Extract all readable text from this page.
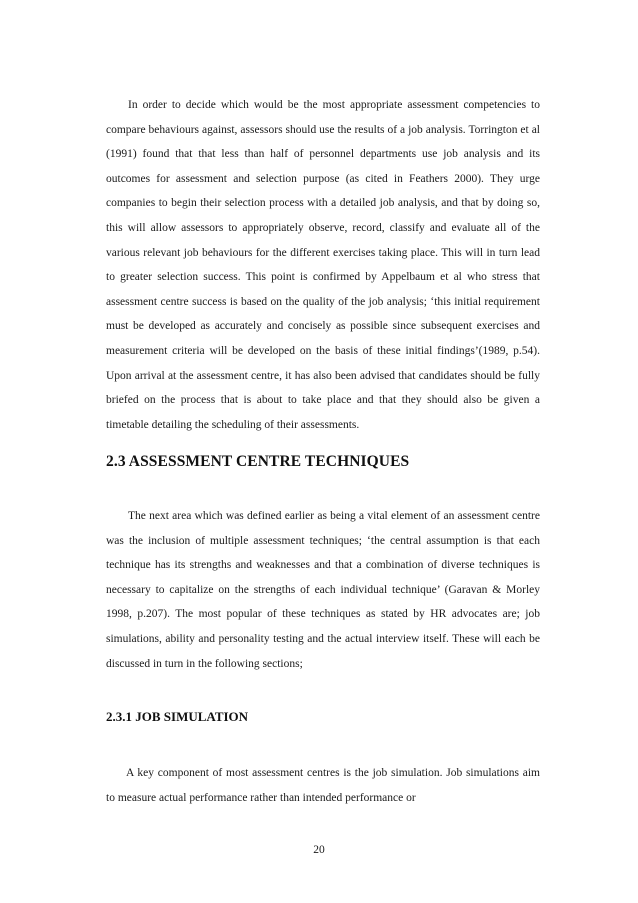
In order to decide which would be the most appropriate assessment competencies to compare behaviours against, assessors should use the results of a job analysis. Torrington et al (1991) found that that less than half of personnel departments use job analysis and its outcomes for assessment and selection purpose (as cited in Feathers 2000). They urge companies to begin their selection process with a detailed job analysis, and that by doing so, this will allow assessors to appropriately observe, record, classify and evaluate all of the various relevant job behaviours for the different exercises taking place. This will in turn lead to greater selection success. This point is confirmed by Appelbaum et al who stress that assessment centre success is based on the quality of the job analysis; ‘this initial requirement must be developed as accurately and concisely as possible since subsequent exercises and measurement criteria will be developed on the basis of these initial findings’(1989, p.54). Upon arrival at the assessment centre, it has also been advised that candidates should be fully briefed on the process that is about to take place and that they should also be given a timetable detailing the scheduling of their assessments.

2.3 ASSESSMENT CENTRE TECHNIQUES

The next area which was defined earlier as being a vital element of an assessment centre was the inclusion of multiple assessment techniques; ‘the central assumption is that each technique has its strengths and weaknesses and that a combination of diverse techniques is necessary to capitalize on the strengths of each individual technique’ (Garavan & Morley 1998, p.207). The most popular of these techniques as stated by HR advocates are; job simulations, ability and personality testing and the actual interview itself. These will each be discussed in turn in the following sections;

2.3.1 JOB SIMULATION

A key component of most assessment centres is the job simulation. Job simulations aim to measure actual performance rather than intended performance or

20
